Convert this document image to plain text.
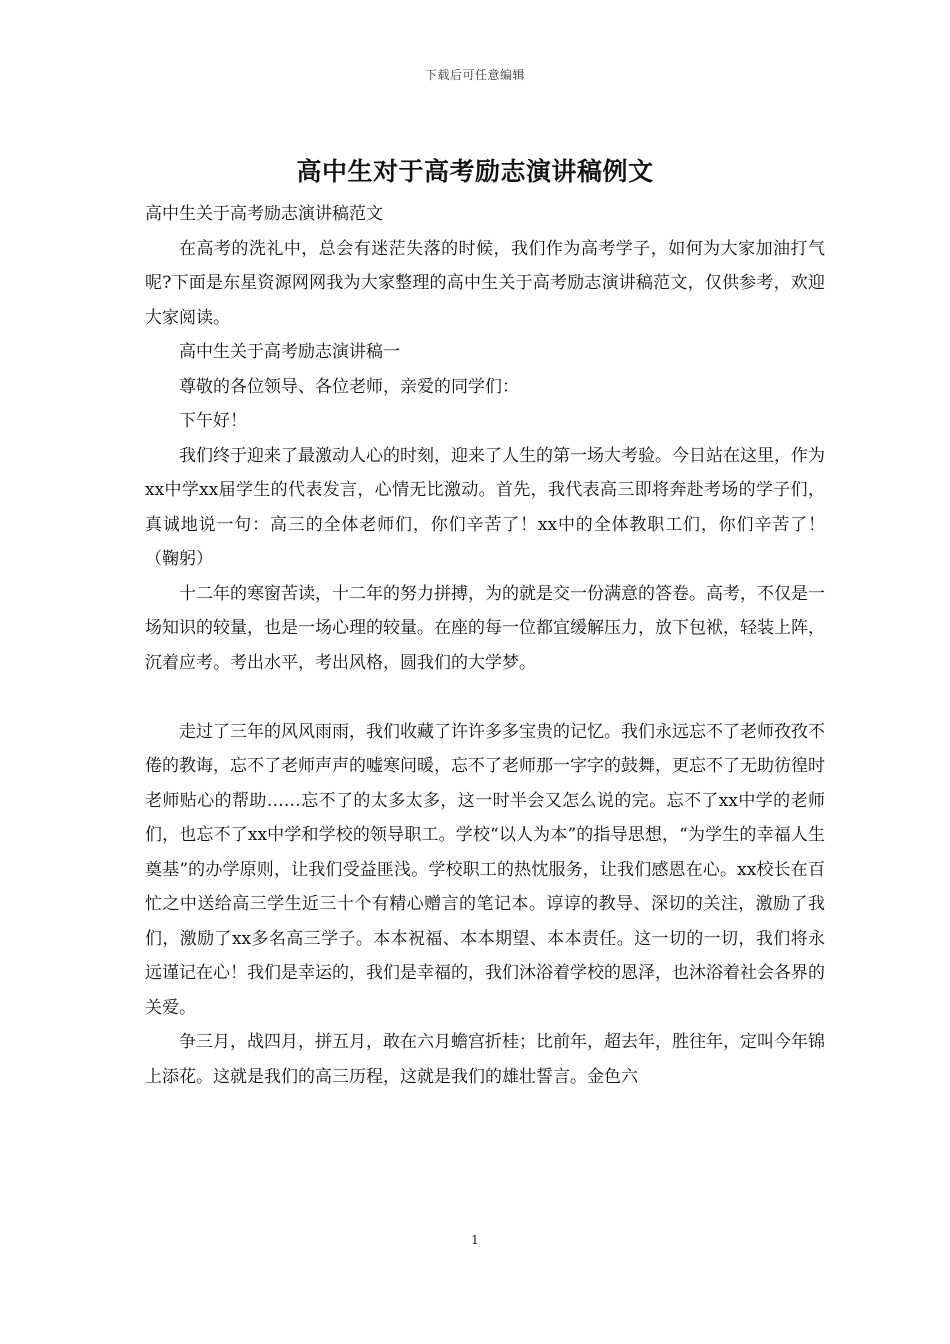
下载后可任意编辑
高中生对于高考励志演讲稿例文

高中生关于高考励志演讲稿范文

在高考的洗礼中，总会有迷茫失落的时候，我们作为高考学子，如何为大家加油打气呢?下面是东星资源网网我为大家整理的高中生关于高考励志演讲稿范文，仅供参考，欢迎大家阅读。

高中生关于高考励志演讲稿一

尊敬的各位领导、各位老师，亲爱的同学们：

下午好！

我们终于迎来了最激动人心的时刻，迎来了人生的第一场大考验。今日站在这里，作为xx中学xx届学生的代表发言，心情无比激动。首先，我代表高三即将奔赴考场的学子们，真诚地说一句：高三的全体老师们，你们辛苦了！xx中的全体教职工们，你们辛苦了！（鞠躬）

十二年的寒窗苦读，十二年的努力拼搏，为的就是交一份满意的答卷。高考，不仅是一场知识的较量，也是一场心理的较量。在座的每一位都宜缓解压力，放下包袱，轻装上阵，沉着应考。考出水平，考出风格，圆我们的大学梦。

走过了三年的风风雨雨，我们收藏了许许多多宝贵的记忆。我们永远忘不了老师孜孜不倦的教诲，忘不了老师声声的嘘寒问暖，忘不了老师那一字字的鼓舞，更忘不了无助彷徨时老师贴心的帮助……忘不了的太多太多，这一时半会又怎么说的完。忘不了xx中学的老师们，也忘不了xx中学和学校的领导职工。学校“以人为本”的指导思想，“为学生的幸福人生奠基”的办学原则，让我们受益匪浅。学校职工的热忱服务，让我们感恩在心。xx校长在百忙之中送给高三学生近三十个有精心赠言的笔记本。谆谆的教导、深切的关注，激励了我们，激励了xx多名高三学子。本本祝福、本本期望、本本责任。这一切的一切，我们将永远谨记在心！我们是幸运的，我们是幸福的，我们沐浴着学校的恩泽，也沐浴着社会各界的关爱。

争三月，战四月，拼五月，敢在六月蟾宫折桂；比前年，超去年，胜往年，定叫今年锦上添花。这就是我们的高三历程，这就是我们的雄壮誓言。金色六

1
